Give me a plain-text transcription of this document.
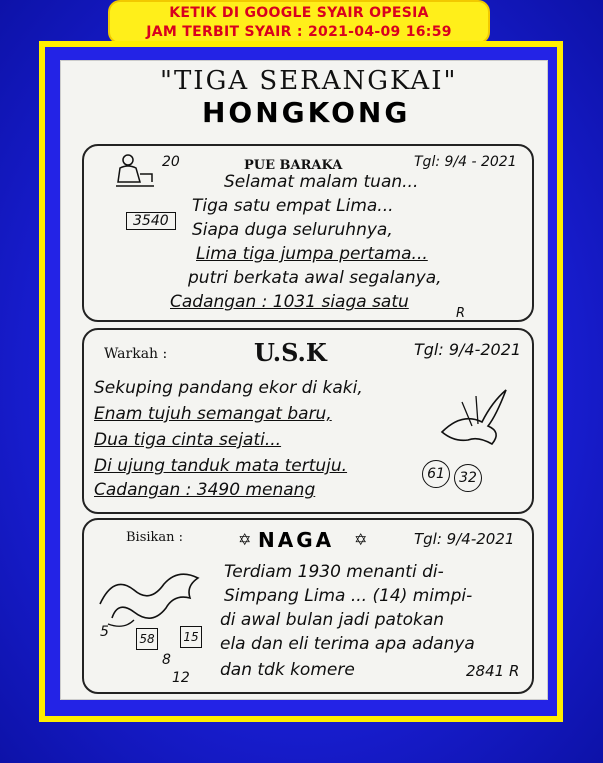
KETIK DI GOOGLE SYAIR OPESIA
JAM TERBIT SYAIR : 2021-04-09 16:59
"TIGA SERANGKAI"
HONGKONG
20	PUE BARAKA	Tgl: 9/4 - 2021
3540
Selamat malam tuan...
Tiga satu empat Lima...
Siapa duga seluruhnya,
Lima tiga jumpa pertama...
putri berkata awal segalanya,
Cadangan : 1031 siaga satu
R
Warkah :	U.S.K	Tgl: 9/4-2021
Sekuping pandang ekor di kaki,
Enam tujuh semangat baru,
Dua tiga cinta sejati...
Di ujung tanduk mata tertuju.
Cadangan : 3490 menang
61	32
Bisikan :	✡ NAGA ✡	Tgl: 9/4-2021
5	58 15
8
12
Terdiam 1930 menanti di-
Simpang Lima ... (14) mimpi-
di awal bulan jadi patokan
ela dan eli terima apa adanya
dan tdk komere	2841 R
